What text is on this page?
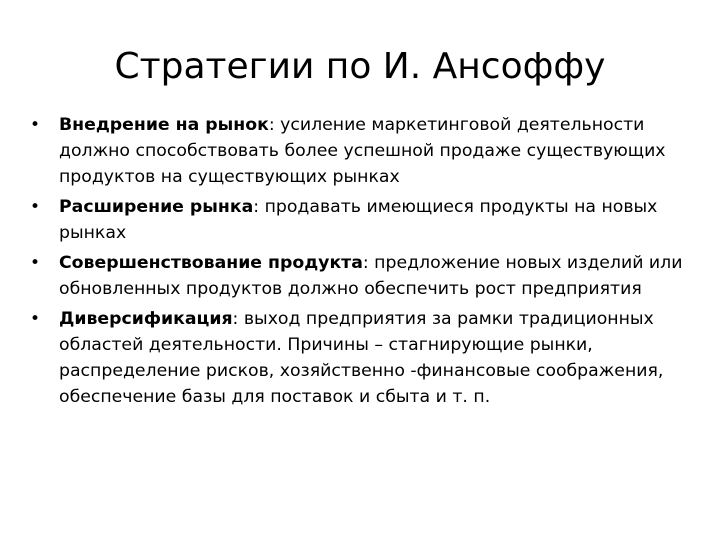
Стратегии по И. Ансоффу
• Внедрение на рынок: усиление маркетинговой деятельности должно способствовать более успешной продаже существующих продуктов на существующих рынках
• Расширение рынка: продавать имеющиеся продукты на новых рынках
• Совершенствование продукта: предложение новых изделий или обновленных продуктов должно обеспечить рост предприятия
• Диверсификация: выход предприятия за рамки традиционных областей деятельности. Причины – стагнирующие рынки, распределение рисков, хозяйственно -финансовые соображения, обеспечение базы для поставок и сбыта и т. п.
